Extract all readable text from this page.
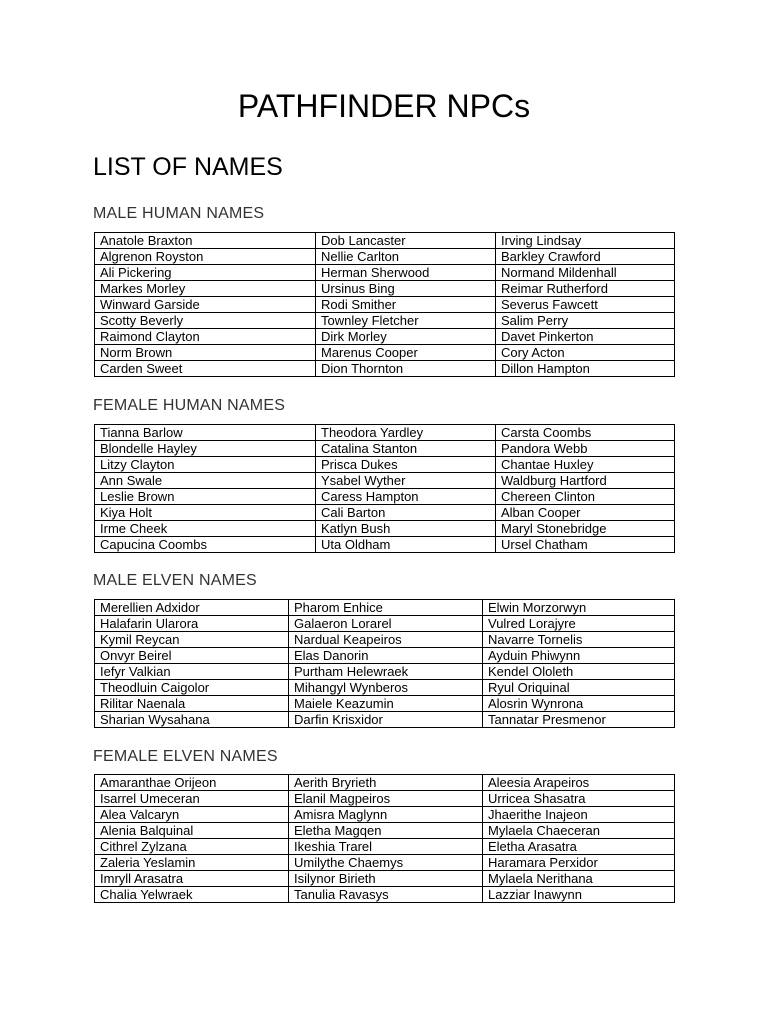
PATHFINDER NPCs
LIST OF NAMES
MALE HUMAN NAMES
Anatole Braxton	Dob Lancaster	Irving Lindsay
Algrenon Royston	Nellie Carlton	Barkley Crawford
Ali Pickering	Herman Sherwood	Normand Mildenhall
Markes Morley	Ursinus Bing	Reimar Rutherford
Winward Garside	Rodi Smither	Severus Fawcett
Scotty Beverly	Townley Fletcher	Salim Perry
Raimond Clayton	Dirk Morley	Davet Pinkerton
Norm Brown	Marenus Cooper	Cory Acton
Carden Sweet	Dion Thornton	Dillon Hampton
FEMALE HUMAN NAMES
Tianna Barlow	Theodora Yardley	Carsta Coombs
Blondelle Hayley	Catalina Stanton	Pandora Webb
Litzy Clayton	Prisca Dukes	Chantae Huxley
Ann Swale	Ysabel Wyther	Waldburg Hartford
Leslie Brown	Caress Hampton	Chereen Clinton
Kiya Holt	Cali Barton	Alban Cooper
Irme Cheek	Katlyn Bush	Maryl Stonebridge
Capucina Coombs	Uta Oldham	Ursel Chatham
MALE ELVEN NAMES
Merellien Adxidor	Pharom Enhice	Elwin Morzorwyn
Halafarin Ularora	Galaeron Lorarel	Vulred Lorajyre
Kymil Reycan	Nardual Keapeiros	Navarre Tornelis
Onvyr Beirel	Elas Danorin	Ayduin Phiwynn
Iefyr Valkian	Purtham Helewraek	Kendel Ololeth
Theodluin Caigolor	Mihangyl Wynberos	Ryul Oriquinal
Rilitar Naenala	Maiele Keazumin	Alosrin Wynrona
Sharian Wysahana	Darfin Krisxidor	Tannatar Presmenor
FEMALE ELVEN NAMES
Amaranthae Orijeon	Aerith Bryrieth	Aleesia Arapeiros
Isarrel Umeceran	Elanil Magpeiros	Urricea Shasatra
Alea Valcaryn	Amisra Maglynn	Jhaerithe Inajeon
Alenia Balquinal	Eletha Magqen	Mylaela Chaeceran
Cithrel Zylzana	Ikeshia Trarel	Eletha Arasatra
Zaleria Yeslamin	Umilythe Chaemys	Haramara Perxidor
Imryll Arasatra	Isilynor Birieth	Mylaela Nerithana
Chalia Yelwraek	Tanulia Ravasys	Lazziar Inawynn
